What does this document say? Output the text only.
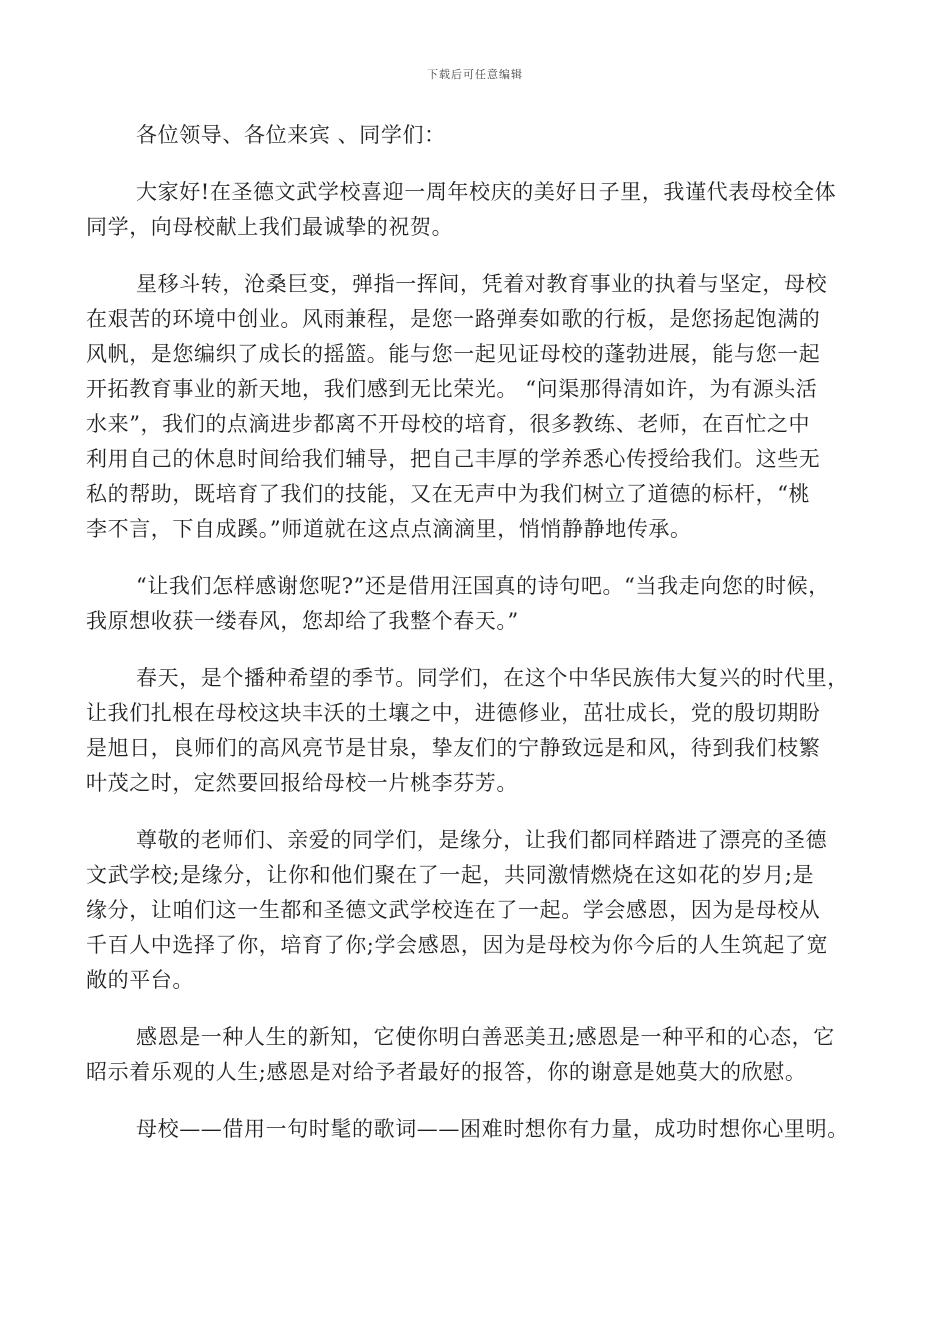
下载后可任意编辑

各位领导、各位来宾 、同学们：

大家好!在圣德文武学校喜迎一周年校庆的美好日子里，我谨代表母校全体
同学，向母校献上我们最诚挚的祝贺。

星移斗转，沧桑巨变，弹指一挥间，凭着对教育事业的执着与坚定，母校
在艰苦的环境中创业。风雨兼程，是您一路弹奏如歌的行板，是您扬起饱满的
风帆，是您编织了成长的摇篮。能与您一起见证母校的蓬勃进展，能与您一起
开拓教育事业的新天地，我们感到无比荣光。 “问渠那得清如许，为有源头活
水来”，我们的点滴进步都离不开母校的培育，很多教练、老师，在百忙之中
利用自己的休息时间给我们辅导，把自己丰厚的学养悉心传授给我们。这些无
私的帮助，既培育了我们的技能，又在无声中为我们树立了道德的标杆，“桃
李不言，下自成蹊。”师道就在这点点滴滴里，悄悄静静地传承。

“让我们怎样感谢您呢?”还是借用汪国真的诗句吧。“当我走向您的时候，
我原想收获一缕春风，您却给了我整个春天。”

春天，是个播种希望的季节。同学们，在这个中华民族伟大复兴的时代里，
让我们扎根在母校这块丰沃的土壤之中，进德修业，茁壮成长，党的殷切期盼
是旭日，良师们的高风亮节是甘泉，挚友们的宁静致远是和风，待到我们枝繁
叶茂之时，定然要回报给母校一片桃李芬芳。

尊敬的老师们、亲爱的同学们，是缘分，让我们都同样踏进了漂亮的圣德
文武学校;是缘分，让你和他们聚在了一起，共同激情燃烧在这如花的岁月;是
缘分，让咱们这一生都和圣德文武学校连在了一起。学会感恩，因为是母校从
千百人中选择了你，培育了你;学会感恩，因为是母校为你今后的人生筑起了宽
敞的平台。

感恩是一种人生的新知，它使你明白善恶美丑;感恩是一种平和的心态，它
昭示着乐观的人生;感恩是对给予者最好的报答，你的谢意是她莫大的欣慰。

母校——借用一句时髦的歌词——困难时想你有力量，成功时想你心里明。
